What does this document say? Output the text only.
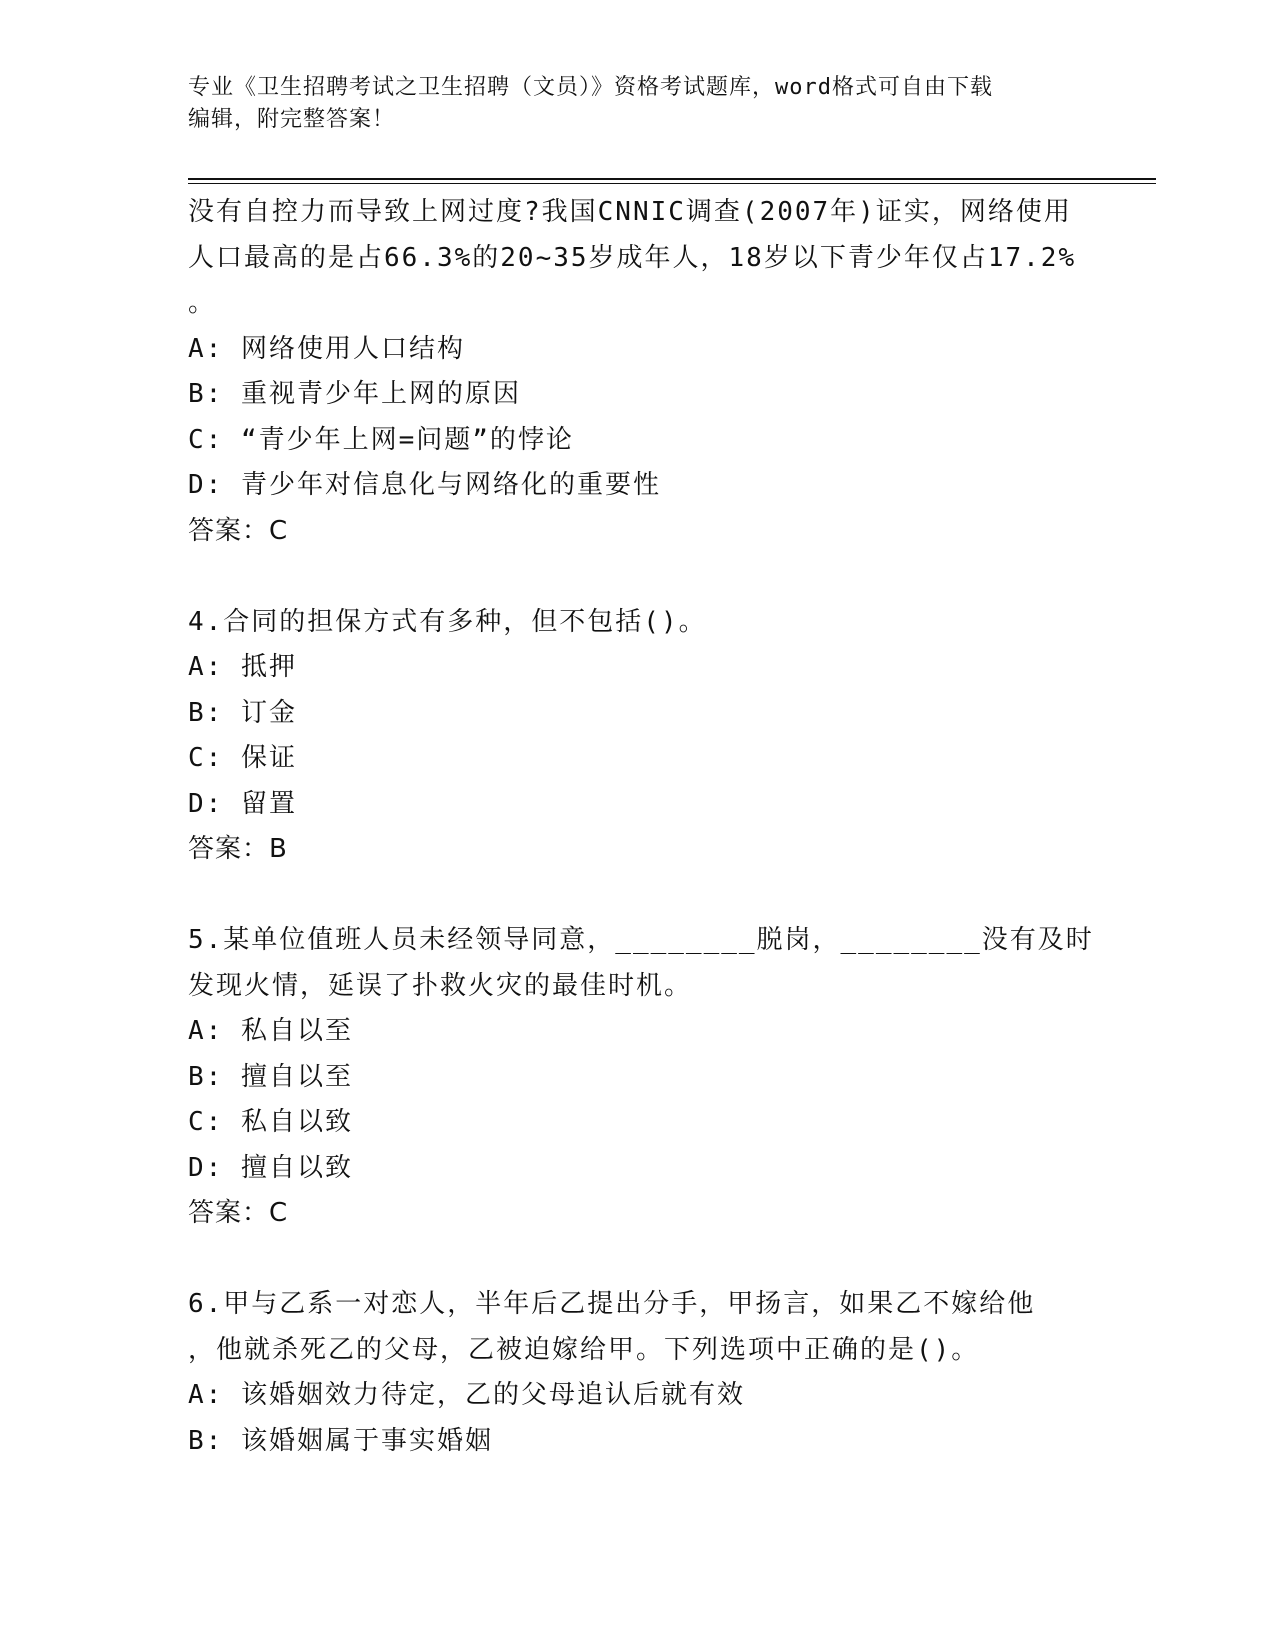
专业《卫生招聘考试之卫生招聘（文员）》资格考试题库，word格式可自由下载
编辑，附完整答案！
没有自控力而导致上网过度?我国CNNIC调查(2007年)证实，网络使用
人口最高的是占66.3%的20~35岁成年人，18岁以下青少年仅占17.2%
。
A: 网络使用人口结构
B: 重视青少年上网的原因
C: “青少年上网=问题”的悖论
D: 青少年对信息化与网络化的重要性
答案：C
4.合同的担保方式有多种，但不包括()。
A: 抵押
B: 订金
C: 保证
D: 留置
答案：B
5.某单位值班人员未经领导同意，________脱岗，________没有及时
发现火情，延误了扑救火灾的最佳时机。
A: 私自以至
B: 擅自以至
C: 私自以致
D: 擅自以致
答案：C
6.甲与乙系一对恋人，半年后乙提出分手，甲扬言，如果乙不嫁给他
，他就杀死乙的父母，乙被迫嫁给甲。下列选项中正确的是()。
A: 该婚姻效力待定，乙的父母追认后就有效
B: 该婚姻属于事实婚姻
